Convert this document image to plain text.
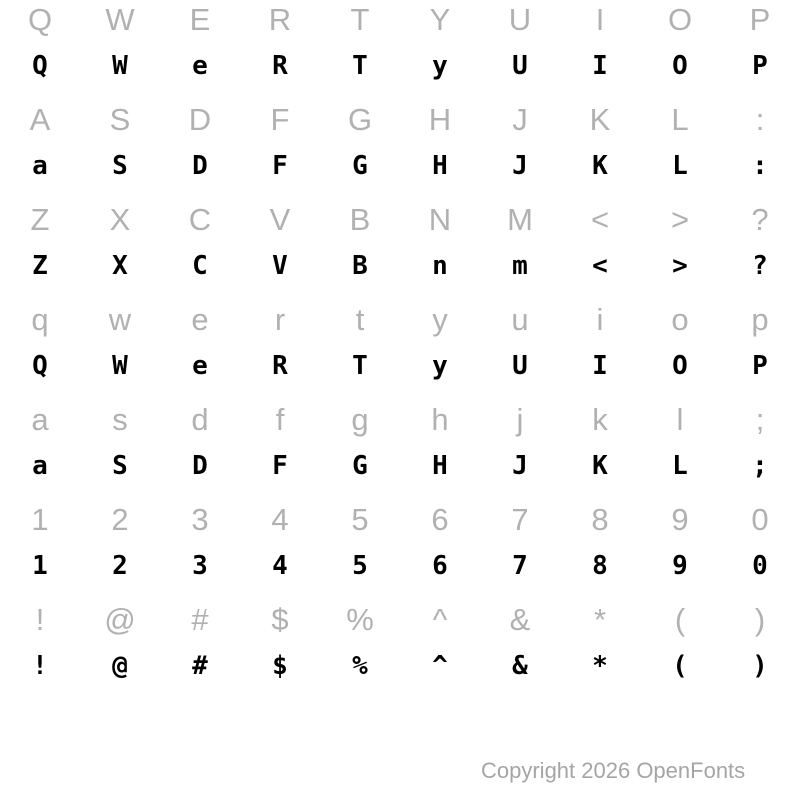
Q	W	E	R	T	Y	U	I	O	P
Q	W	e	R	T	y	U	I	O	P
A	S	D	F	G	H	J	K	L	:
a	S	D	F	G	H	J	K	L	:
Z	X	C	V	B	N	M	<	>	?
Z	X	C	V	B	n	m	<	>	?
q	w	e	r	t	y	u	i	o	p
Q	W	e	R	T	y	U	I	O	P
a	s	d	f	g	h	j	k	l	;
a	S	D	F	G	H	J	K	L	;
1	2	3	4	5	6	7	8	9	0
1	2	3	4	5	6	7	8	9	0
!	@	#	$	%	^	&	*	(	)
!	@	#	$	%	^	&	*	(	)
Copyright 2026 OpenFonts
